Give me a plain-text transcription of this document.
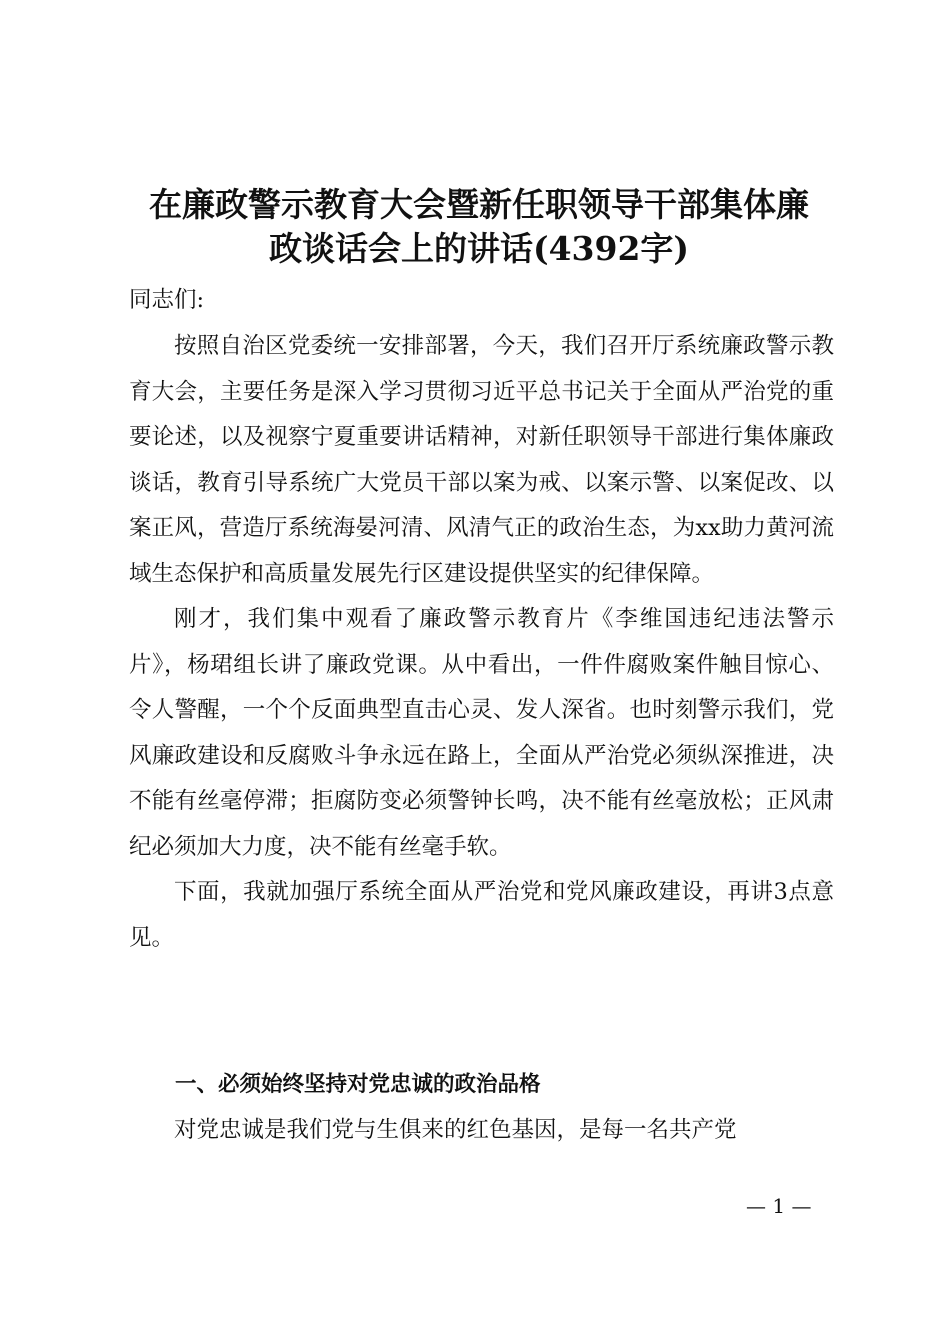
在廉政警示教育大会暨新任职领导干部集体廉
政谈话会上的讲话(4392字)
同志们:

按照自治区党委统一安排部署，今天，我们召开厅系统廉政警示教育大会，主要任务是深入学习贯彻习近平总书记关于全面从严治党的重要论述，以及视察宁夏重要讲话精神，对新任职领导干部进行集体廉政谈话，教育引导系统广大党员干部以案为戒、以案示警、以案促改、以案正风，营造厅系统海晏河清、风清气正的政治生态，为xx助力黄河流域生态保护和高质量发展先行区建设提供坚实的纪律保障。

刚才，我们集中观看了廉政警示教育片《李维国违纪违法警示片》，杨珺组长讲了廉政党课。从中看出，一件件腐败案件触目惊心、令人警醒，一个个反面典型直击心灵、发人深省。也时刻警示我们，党风廉政建设和反腐败斗争永远在路上，全面从严治党必须纵深推进，决不能有丝毫停滞；拒腐防变必须警钟长鸣，决不能有丝毫放松；正风肃纪必须加大力度，决不能有丝毫手软。

下面，我就加强厅系统全面从严治党和党风廉政建设，再讲3点意见。

一、必须始终坚持对党忠诚的政治品格

对党忠诚是我们党与生俱来的红色基因，是每一名共产党

— 1 —
